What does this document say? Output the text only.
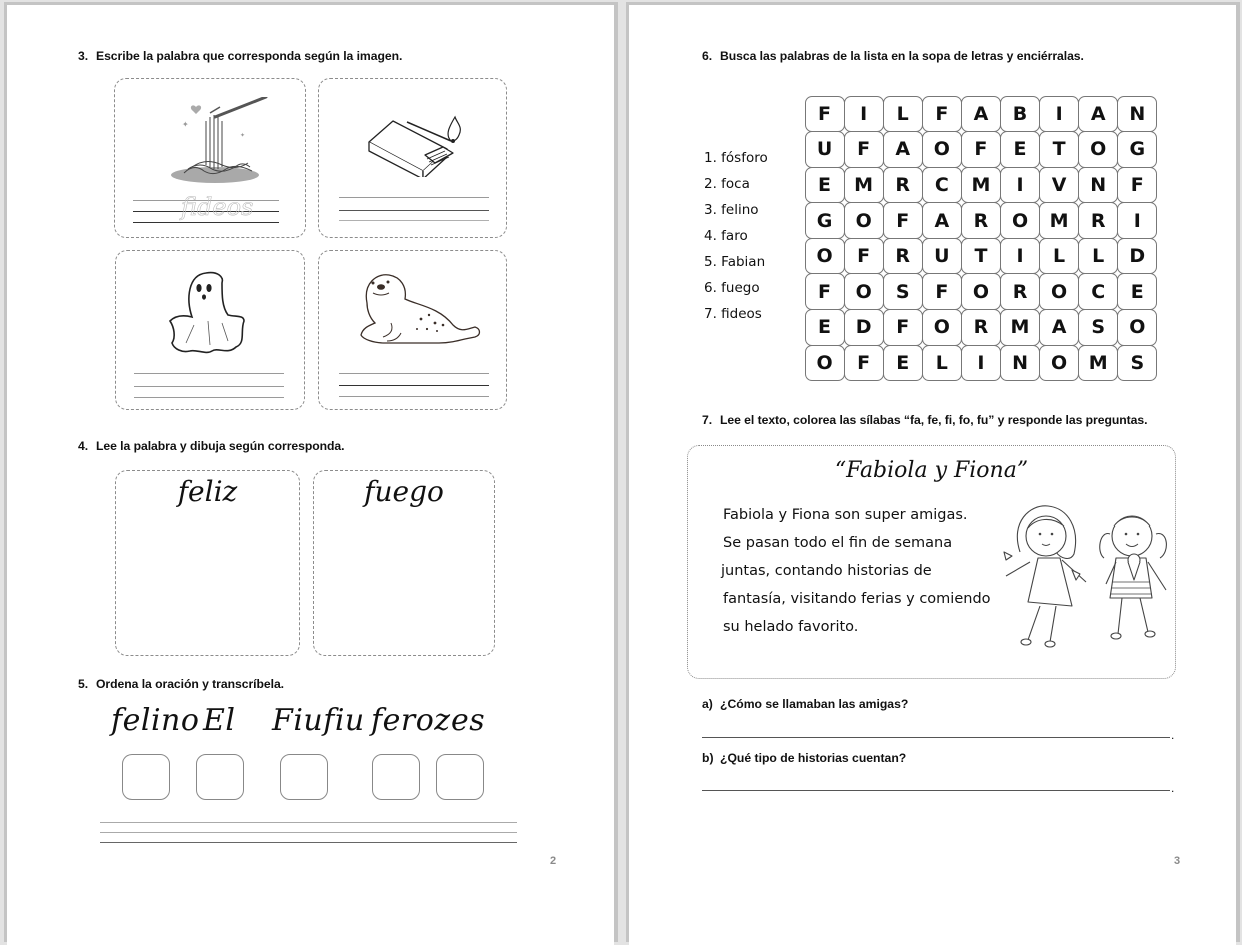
3. Escribe la palabra que corresponda según la imagen.
✦
✦
fideos
4. Lee la palabra y dibuja según corresponda.
feliz	fuego
5. Ordena la oración y transcríbela.
felino El Fiufiu feroz es
2
6. Busca las palabras de la lista en la sopa de letras y enciérralas.
1. fósforo
2. foca
3. felino
4. faro
5. Fabian
6. fuego
7. fideos
F	I	L	F	A	B	I	A	N
U	F	A	O	F	E	T	O	G
E	M	R	C	M	I	V	N	F
G	O	F	A	R	O	M	R	I
O	F	R	U	T	I	L	L	D
F	O	S	F	O	R	O	C	E
E	D	F	O	R	M	A	S	O
O	F	E	L	I	N	O	M	S
7. Lee el texto, colorea las sílabas “fa, fe, fi, fo, fu” y responde las preguntas.
“Fabiola y Fiona”
Fabiola y Fiona son super amigas.
Se pasan todo el fin de semana
juntas, contando historias de
fantasía, visitando ferias y comiendo
su helado favorito.
a) ¿Cómo se llamaban las amigas?
.
b) ¿Qué tipo de historias cuentan?
.
3
